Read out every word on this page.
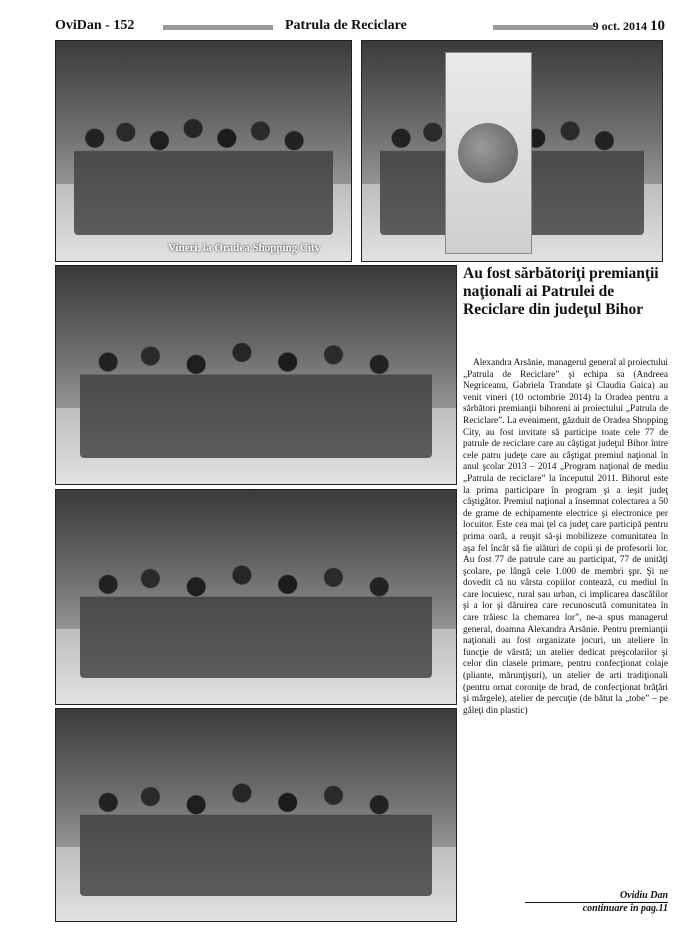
OviDan - 152	Patrula de Reciclare	9 oct. 2014 10
Vineri, la Oradea Shopping City
Au fost sărbătoriţi premianţii naţionali ai Patrulei de Reciclare din judeţul Bihor

Alexandra Arsănie, managerul general al proiectului „Patrula de Reciclare” şi echipa sa (Andreea Negriceanu, Gabriela Trandate şi Claudia Gaica) au venit vineri (10 octombrie 2014) la Oradea pentru a sărbători premianţii bihoreni ai proiectului „Patrula de Reciclare”. La eveniment, găzduit de Oradea Shopping City, au fost invitate să participe toate cele 77 de patrule de reciclare care au câştigat judeţul Bihor între cele patru judeţe care au câştigat premiul naţional în anul şcolar 2013 – 2014 „Program naţional de mediu „Patrula de reciclare” la începutul 2011. Bihorul este la prima participare în program şi a ieşit judeţ câştigător. Premiul naţional a însemnat colectarea a 50 de grame de echipamente electrice şi electronice per locuitor. Este cea mai ţel ca judeţ care participă pentru prima oară, a reuşit să-şi mobilizeze comunitatea în aşa fel încât să fie alături de copii şi de profesorii lor. Au fost 77 de patrule care au participat, 77 de unităţi şcolare, pe lângă cele 1.000 de membri şpr. Şi ne dovedit că nu vârsta copiilor contează, cu mediul în care locuiesc, rural sau urban, ci implicarea dascălilor şi a lor şi dăruirea care recunoscută comunitatea în care trăiesc la chemarea lor”, ne-a spus managerul general, doamna Alexandra Arsănie. Pentru premianţii naţionali au fost organizate jocuri, un ateliere în funcţie de vârstă; un atelier dedicat preşcolarilor şi celor din clasele primare, pentru confecţionat colaje (pliante, mărunţişuri), un atelier de arti tradiţionali (pentru ornat coroniţe de brad, de confecţionat brăţări şi mărgele), atelier de percuţie (de bătut la „tobe” – pe găleţi din plastic)

Ovidiu Dan
continuare în pag.11
